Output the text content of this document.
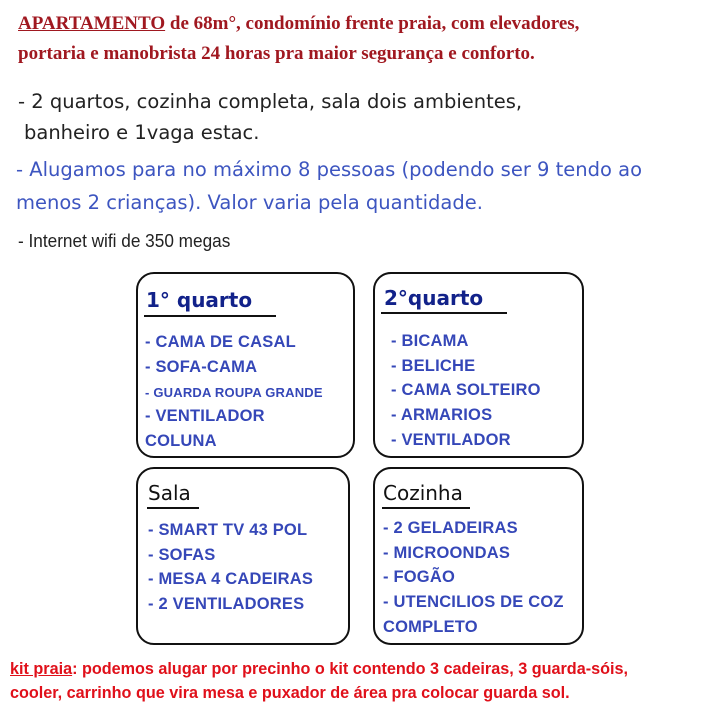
APARTAMENTO de 68m°, condomínio frente praia, com elevadores,
portaria e manobrista 24 horas pra maior segurança e conforto.
- 2 quartos, cozinha completa, sala dois ambientes,
banheiro e 1vaga estac.
- Alugamos para no máximo 8 pessoas (podendo ser 9 tendo ao
menos 2 crianças). Valor varia pela quantidade.
- Internet wifi de 350 megas
1° quarto
- CAMA DE CASAL
- SOFA-CAMA
- GUARDA ROUPA GRANDE
- VENTILADOR
COLUNA
2°quarto
- BICAMA
- BELICHE
- CAMA SOLTEIRO
- ARMARIOS
- VENTILADOR
Sala
- SMART TV 43 POL
- SOFAS
- MESA 4 CADEIRAS
- 2 VENTILADORES
Cozinha
- 2 GELADEIRAS
- MICROONDAS
- FOGÃO
- UTENCILIOS DE COZ
COMPLETO
kit praia: podemos alugar por precinho o kit contendo 3 cadeiras, 3 guarda-sóis,
cooler, carrinho que vira mesa e puxador de área pra colocar guarda sol.
